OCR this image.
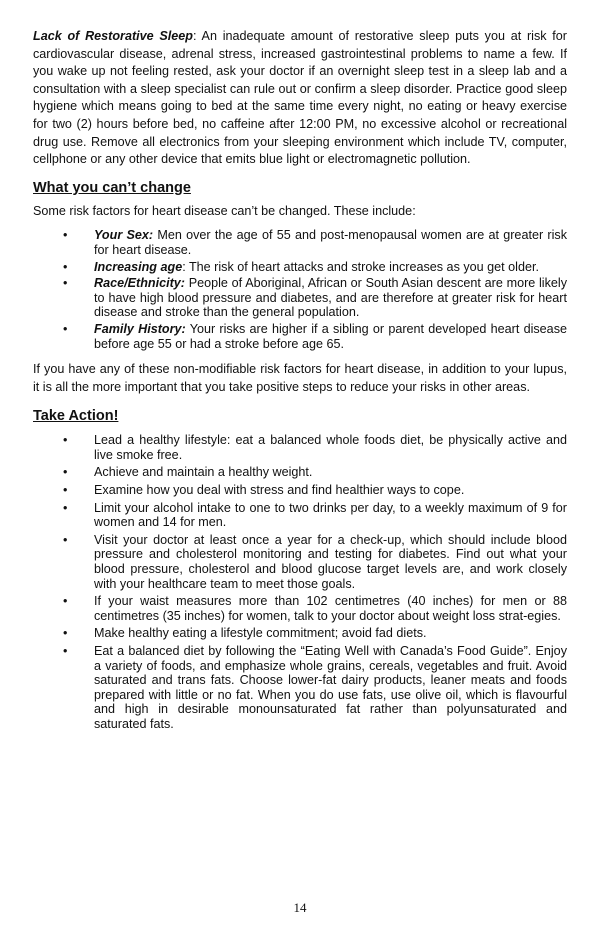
Lack of Restorative Sleep: An inadequate amount of restorative sleep puts you at risk for cardiovascular disease, adrenal stress, increased gastrointestinal problems to name a few. If you wake up not feeling rested, ask your doctor if an overnight sleep test in a sleep lab and a consultation with a sleep specialist can rule out or confirm a sleep disorder. Practice good sleep hygiene which means going to bed at the same time every night, no eating or heavy exercise for two (2) hours before bed, no caffeine after 12:00 PM, no excessive alcohol or recreational drug use. Remove all electronics from your sleeping environment which include TV, computer, cellphone or any other device that emits blue light or electromagnetic pollution.

What you can’t change

Some risk factors for heart disease can’t be changed. These include:

• Your Sex: Men over the age of 55 and post-menopausal women are at greater risk for heart disease.
• Increasing age: The risk of heart attacks and stroke increases as you get older.
• Race/Ethnicity: People of Aboriginal, African or South Asian descent are more likely to have high blood pressure and diabetes, and are therefore at greater risk for heart disease and stroke than the general population.
• Family History: Your risks are higher if a sibling or parent developed heart disease before age 55 or had a stroke before age 65.

If you have any of these non-modifiable risk factors for heart disease, in addition to your lupus, it is all the more important that you take positive steps to reduce your risks in other areas.

Take Action!
• Lead a healthy lifestyle: eat a balanced whole foods diet, be physically active and live smoke free.
• Achieve and maintain a healthy weight.
• Examine how you deal with stress and find healthier ways to cope.
• Limit your alcohol intake to one to two drinks per day, to a weekly maximum of 9 for women and 14 for men.
• Visit your doctor at least once a year for a check-up, which should include blood pressure and cholesterol monitoring and testing for diabetes. Find out what your blood pressure, cholesterol and blood glucose target levels are, and work closely with your healthcare team to meet those goals.
• If your waist measures more than 102 centimetres (40 inches) for men or 88 centimetres (35 inches) for women, talk to your doctor about weight loss strat-egies.
• Make healthy eating a lifestyle commitment; avoid fad diets.
• Eat a balanced diet by following the “Eating Well with Canada’s Food Guide”. Enjoy a variety of foods, and emphasize whole grains, cereals, vegetables and fruit. Avoid saturated and trans fats. Choose lower-fat dairy products, leaner meats and foods prepared with little or no fat. When you do use fats, use olive oil, which is flavourful and high in desirable monounsaturated fat rather than polyunsaturated and saturated fats.
14
